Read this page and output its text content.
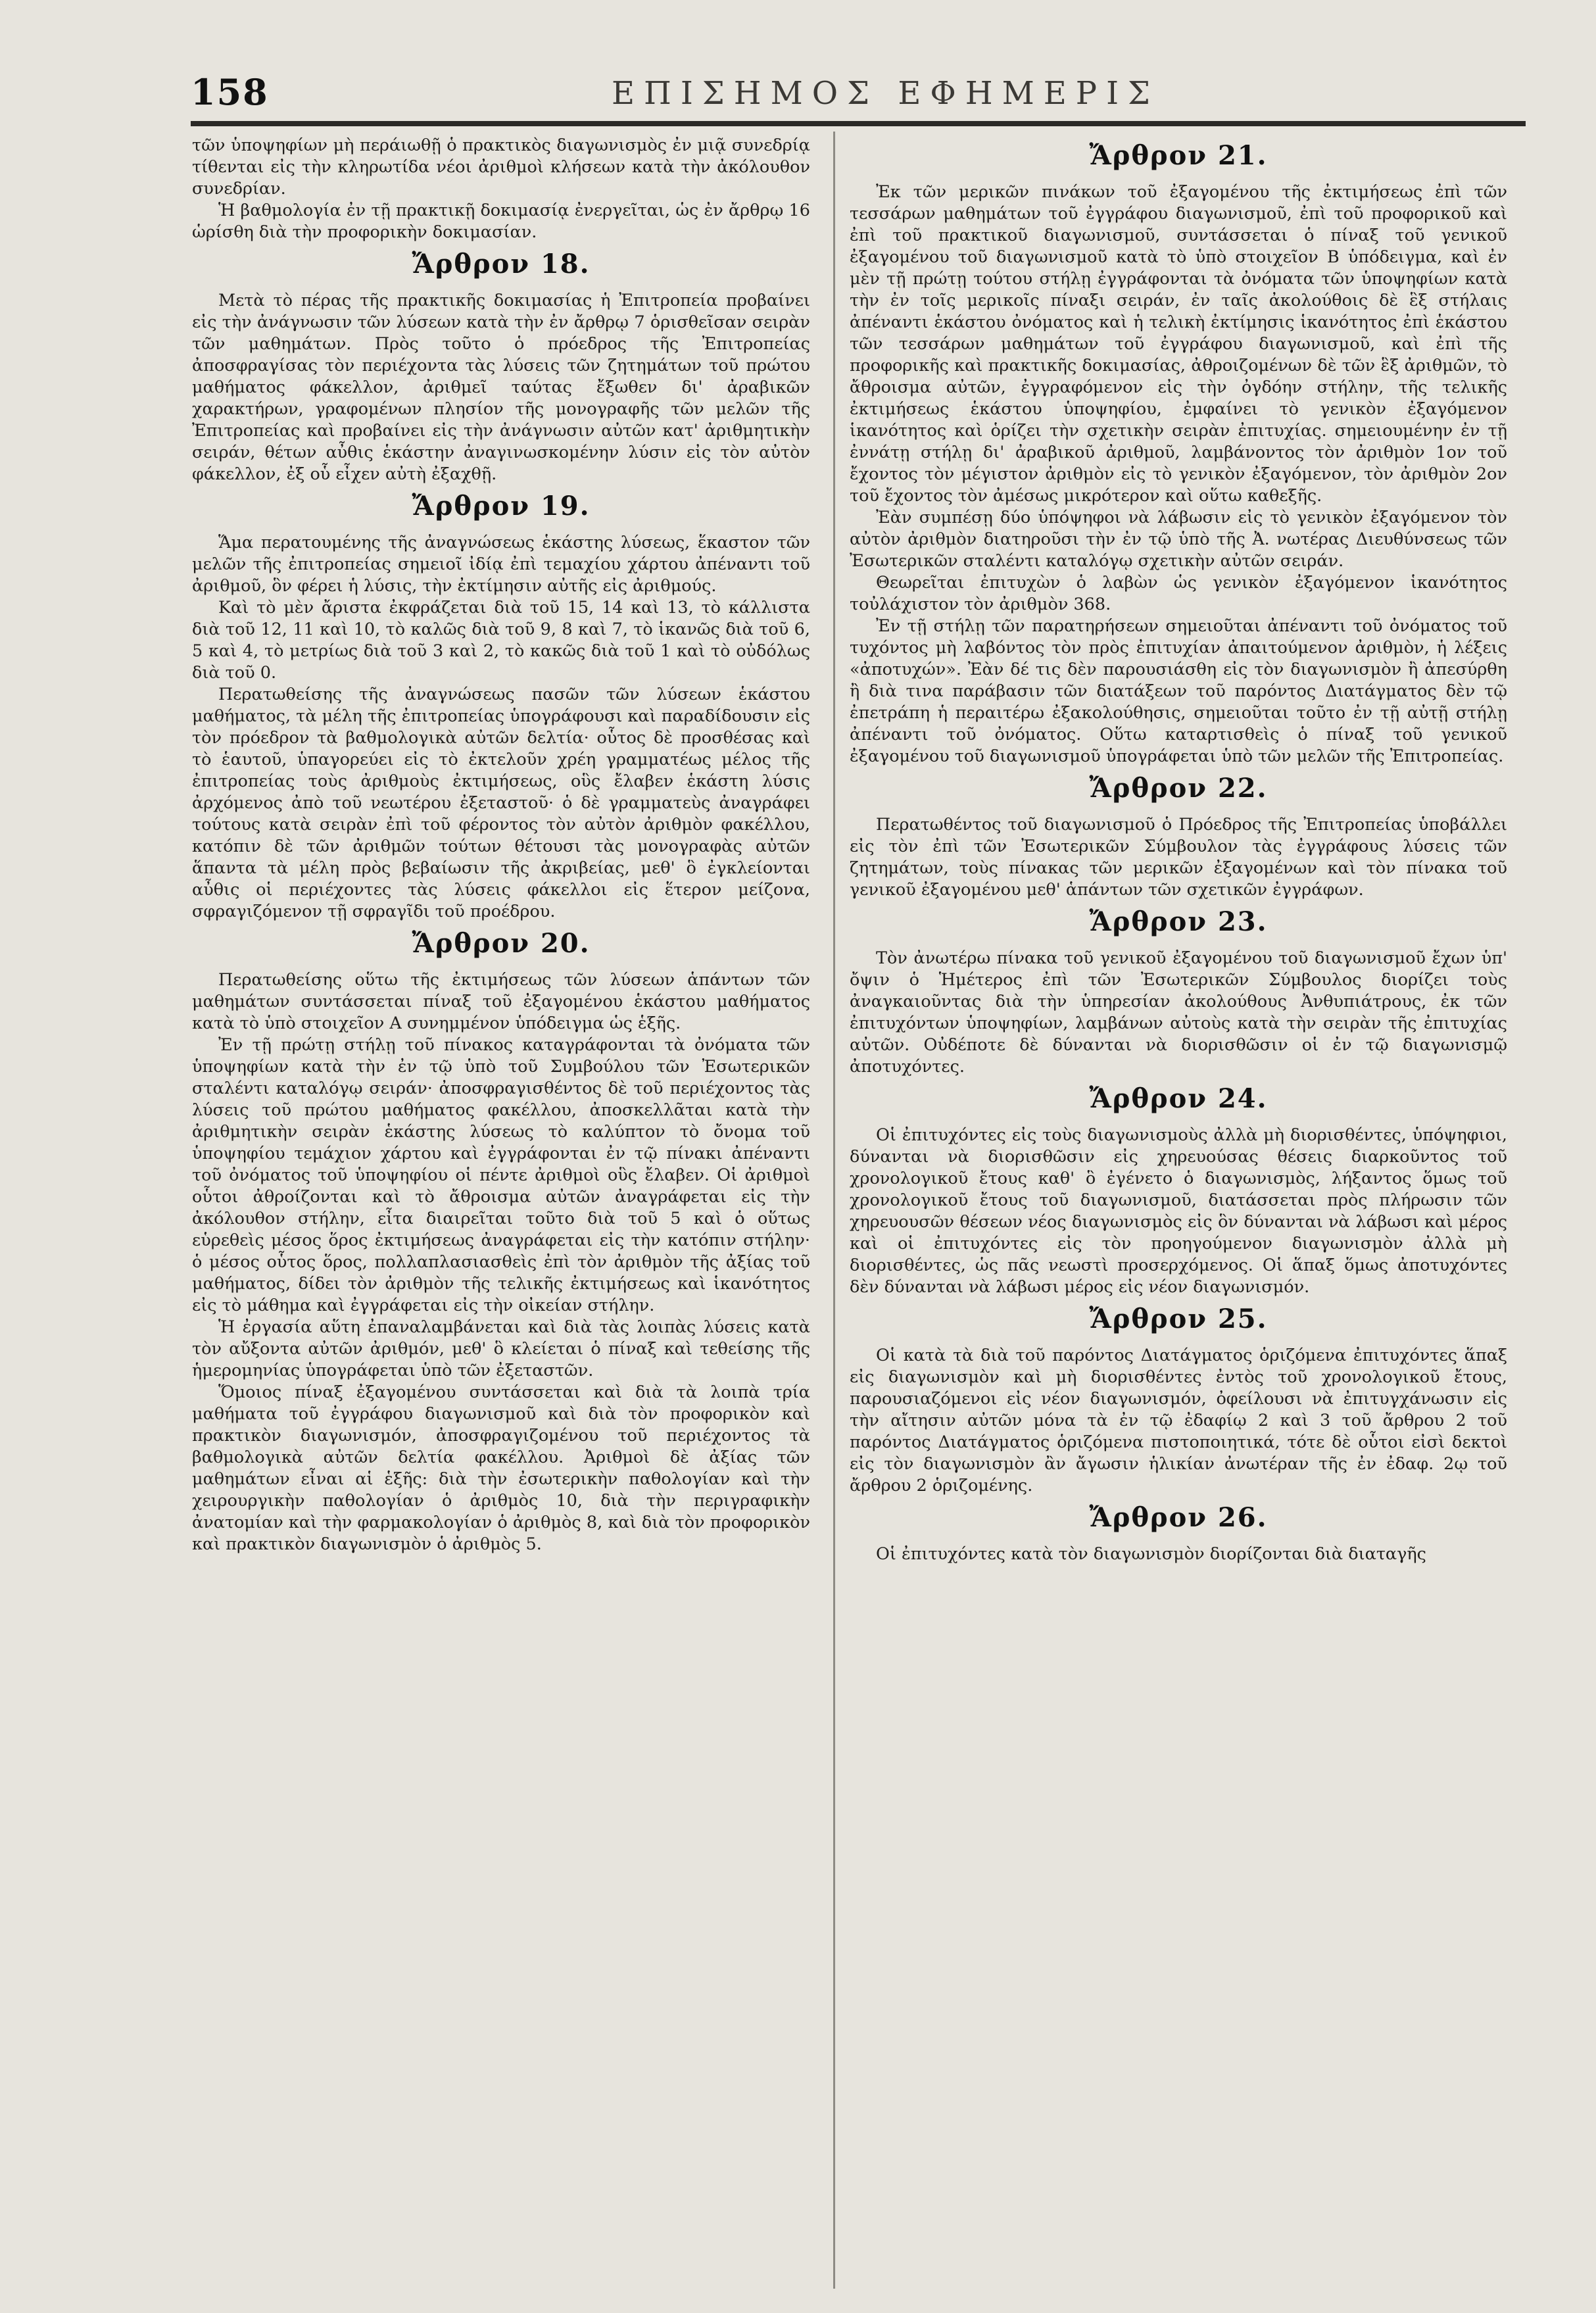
158	ΕΠΙΣΗΜΟΣ ΕΦΗΜΕΡΙΣ

τῶν ὑποψηφίων μὴ περάιωθῇ ὁ πρακτικὸς διαγωνισμὸς ἐν μιᾷ συνεδρίᾳ τίθενται εἰς τὴν κληρωτίδα νέοι ἀριθμοὶ κλήσεων κατὰ τὴν ἀκόλουθον συνεδρίαν.

Ἡ βαθμολογία ἐν τῇ πρακτικῇ δοκιμασίᾳ ἐνεργεῖται, ὡς ἐν ἄρθρῳ 16 ὡρίσθη διὰ τὴν προφορικὴν δοκιμασίαν.

Ἄρθρον 18.

Μετὰ τὸ πέρας τῆς πρακτικῆς δοκιμασίας ἡ Ἐπιτροπεία προβαίνει εἰς τὴν ἀνάγνωσιν τῶν λύσεων κατὰ τὴν ἐν ἄρθρῳ 7 ὁρισθεῖσαν σειρὰν τῶν μαθημάτων. Πρὸς τοῦτο ὁ πρόεδρος τῆς Ἐπιτροπείας ἀποσφραγίσας τὸν περιέχοντα τὰς λύσεις τῶν ζητημάτων τοῦ πρώτου μαθήματος φάκελλον, ἀριθμεῖ ταύτας ἔξωθεν δι' ἀραβικῶν χαρακτήρων, γραφομένων πλησίον τῆς μονογραφῆς τῶν μελῶν τῆς Ἐπιτροπείας καὶ προβαίνει εἰς τὴν ἀνάγνωσιν αὐτῶν κατ' ἀριθμητικὴν σειράν, θέτων αὖθις ἑκάστην ἀναγινωσκομένην λύσιν εἰς τὸν αὐτὸν φάκελλον, ἐξ οὗ εἶχεν αὐτὴ ἐξαχθῇ.

Ἄρθρον 19.

Ἅμα περατουμένης τῆς ἀναγνώσεως ἑκάστης λύσεως, ἕκαστον τῶν μελῶν τῆς ἐπιτροπείας σημειοῖ ἰδίᾳ ἐπὶ τεμαχίου χάρτου ἀπέναντι τοῦ ἀριθμοῦ, ὃν φέρει ἡ λύσις, τὴν ἐκτίμησιν αὐτῆς εἰς ἀριθμούς.

Καὶ τὸ μὲν ἄριστα ἐκφράζεται διὰ τοῦ 15, 14 καὶ 13, τὸ κάλλιστα διὰ τοῦ 12, 11 καὶ 10, τὸ καλῶς διὰ τοῦ 9, 8 καὶ 7, τὸ ἱκανῶς διὰ τοῦ 6, 5 καὶ 4, τὸ μετρίως διὰ τοῦ 3 καὶ 2, τὸ κακῶς διὰ τοῦ 1 καὶ τὸ οὐδόλως διὰ τοῦ 0.

Περατωθείσης τῆς ἀναγνώσεως πασῶν τῶν λύσεων ἑκάστου μαθήματος, τὰ μέλη τῆς ἐπιτροπείας ὑπογράφουσι καὶ παραδίδουσιν εἰς τὸν πρόεδρον τὰ βαθμολογικὰ αὐτῶν δελτία· οὗτος δὲ προσθέσας καὶ τὸ ἑαυτοῦ, ὑπαγορεύει εἰς τὸ ἐκτελοῦν χρέη γραμματέως μέλος τῆς ἐπιτροπείας τοὺς ἀριθμοὺς ἐκτιμήσεως, οὓς ἔλαβεν ἑκάστη λύσις ἀρχόμενος ἀπὸ τοῦ νεωτέρου ἐξεταστοῦ· ὁ δὲ γραμματεὺς ἀναγράφει τούτους κατὰ σειρὰν ἐπὶ τοῦ φέροντος τὸν αὐτὸν ἀριθμὸν φακέλλου, κατόπιν δὲ τῶν ἀριθμῶν τούτων θέτουσι τὰς μονογραφὰς αὐτῶν ἅπαντα τὰ μέλη πρὸς βεβαίωσιν τῆς ἀκριβείας, μεθ' ὃ ἐγκλείονται αὖθις οἱ περιέχοντες τὰς λύσεις φάκελλοι εἰς ἕτερον μείζονα, σφραγιζόμενον τῇ σφραγῖδι τοῦ προέδρου.

Ἄρθρον 20.

Περατωθείσης οὕτω τῆς ἐκτιμήσεως τῶν λύσεων ἁπάντων τῶν μαθημάτων συντάσσεται πίναξ τοῦ ἐξαγομένου ἑκάστου μαθήματος κατὰ τὸ ὑπὸ στοιχεῖον Α συνημμένον ὑπόδειγμα ὡς ἑξῆς.

Ἐν τῇ πρώτῃ στήλῃ τοῦ πίνακος καταγράφονται τὰ ὀνόματα τῶν ὑποψηφίων κατὰ τὴν ἐν τῷ ὑπὸ τοῦ Συμβούλου τῶν Ἐσωτερικῶν σταλέντι καταλόγῳ σειράν· ἀποσφραγισθέντος δὲ τοῦ περιέχοντος τὰς λύσεις τοῦ πρώτου μαθήματος φακέλλου, ἀποσκελλᾶται κατὰ τὴν ἀριθμητικὴν σειρὰν ἑκάστης λύσεως τὸ καλύπτον τὸ ὄνομα τοῦ ὑποψηφίου τεμάχιον χάρτου καὶ ἐγγράφονται ἐν τῷ πίνακι ἀπέναντι τοῦ ὀνόματος τοῦ ὑποψηφίου οἱ πέντε ἀριθμοὶ οὓς ἔλαβεν. Οἱ ἀριθμοὶ οὗτοι ἀθροίζονται καὶ τὸ ἄθροισμα αὐτῶν ἀναγράφεται εἰς τὴν ἀκόλουθον στήλην, εἶτα διαιρεῖται τοῦτο διὰ τοῦ 5 καὶ ὁ οὕτως εὑρεθεὶς μέσος ὅρος ἐκτιμήσεως ἀναγράφεται εἰς τὴν κατόπιν στήλην· ὁ μέσος οὗτος ὅρος, πολλαπλασιασθεὶς ἐπὶ τὸν ἀριθμὸν τῆς ἀξίας τοῦ μαθήματος, δίδει τὸν ἀριθμὸν τῆς τελικῆς ἐκτιμήσεως καὶ ἱκανότητος εἰς τὸ μάθημα καὶ ἐγγράφεται εἰς τὴν οἰκείαν στήλην.

Ἡ ἐργασία αὕτη ἐπαναλαμβάνεται καὶ διὰ τὰς λοιπὰς λύσεις κατὰ τὸν αὔξοντα αὐτῶν ἀριθμόν, μεθ' ὃ κλείεται ὁ πίναξ καὶ τεθείσης τῆς ἡμερομηνίας ὑπογράφεται ὑπὸ τῶν ἐξεταστῶν.

Ὅμοιος πίναξ ἐξαγομένου συντάσσεται καὶ διὰ τὰ λοιπὰ τρία μαθήματα τοῦ ἐγγράφου διαγωνισμοῦ καὶ διὰ τὸν προφορικὸν καὶ πρακτικὸν διαγωνισμόν, ἀποσφραγιζομένου τοῦ περιέχοντος τὰ βαθμολογικὰ αὐτῶν δελτία φακέλλου. Ἀριθμοὶ δὲ ἀξίας τῶν μαθημάτων εἶναι αἱ ἑξῆς: διὰ τὴν ἐσωτερικὴν παθολογίαν καὶ τὴν χειρουργικὴν παθολογίαν ὁ ἀριθμὸς 10, διὰ τὴν περιγραφικὴν ἀνατομίαν καὶ τὴν φαρμακολογίαν ὁ ἀριθμὸς 8, καὶ διὰ τὸν προφορικὸν καὶ πρακτικὸν διαγωνισμὸν ὁ ἀριθμὸς 5.

Ἄρθρον 21.

Ἐκ τῶν μερικῶν πινάκων τοῦ ἐξαγομένου τῆς ἐκτιμήσεως ἐπὶ τῶν τεσσάρων μαθημάτων τοῦ ἐγγράφου διαγωνισμοῦ, ἐπὶ τοῦ προφορικοῦ καὶ ἐπὶ τοῦ πρακτικοῦ διαγωνισμοῦ, συντάσσεται ὁ πίναξ τοῦ γενικοῦ ἐξαγομένου τοῦ διαγωνισμοῦ κατὰ τὸ ὑπὸ στοιχεῖον Β ὑπόδειγμα, καὶ ἐν μὲν τῇ πρώτῃ τούτου στήλῃ ἐγγράφονται τὰ ὀνόματα τῶν ὑποψηφίων κατὰ τὴν ἐν τοῖς μερικοῖς πίναξι σειράν, ἐν ταῖς ἀκολούθοις δὲ ἓξ στήλαις ἀπέναντι ἑκάστου ὀνόματος καὶ ἡ τελικὴ ἐκτίμησις ἱκανότητος ἐπὶ ἑκάστου τῶν τεσσάρων μαθημάτων τοῦ ἐγγράφου διαγωνισμοῦ, καὶ ἐπὶ τῆς προφορικῆς καὶ πρακτικῆς δοκιμασίας, ἀθροιζομένων δὲ τῶν ἓξ ἀριθμῶν, τὸ ἄθροισμα αὐτῶν, ἐγγραφόμενον εἰς τὴν ὀγδόην στήλην, τῆς τελικῆς ἐκτιμήσεως ἑκάστου ὑποψηφίου, ἐμφαίνει τὸ γενικὸν ἐξαγόμενον ἱκανότητος καὶ ὁρίζει τὴν σχετικὴν σειρὰν ἐπιτυχίας. σημειουμένην ἐν τῇ ἐννάτῃ στήλῃ δι' ἀραβικοῦ ἀριθμοῦ, λαμβάνοντος τὸν ἀριθμὸν 1ον τοῦ ἔχοντος τὸν μέγιστον ἀριθμὸν εἰς τὸ γενικὸν ἐξαγόμενον, τὸν ἀριθμὸν 2ον τοῦ ἔχοντος τὸν ἀμέσως μικρότερον καὶ οὕτω καθεξῆς.

Ἐὰν συμπέσῃ δύο ὑπόψηφοι νὰ λάβωσιν εἰς τὸ γενικὸν ἐξαγόμενον τὸν αὐτὸν ἀριθμὸν διατηροῦσι τὴν ἐν τῷ ὑπὸ τῆς Ἀ. νωτέρας Διευθύνσεως τῶν Ἐσωτερικῶν σταλέντι καταλόγῳ σχετικὴν αὐτῶν σειράν.

Θεωρεῖται ἐπιτυχὼν ὁ λαβὼν ὡς γενικὸν ἐξαγόμενον ἱκανότητος τοὐλάχιστον τὸν ἀριθμὸν 368.

Ἐν τῇ στήλῃ τῶν παρατηρήσεων σημειοῦται ἀπέναντι τοῦ ὀνόματος τοῦ τυχόντος μὴ λαβόντος τὸν πρὸς ἐπιτυχίαν ἀπαιτούμενον ἀριθμὸν, ἡ λέξεις «ἀποτυχών». Ἐὰν δέ τις δὲν παρουσιάσθη εἰς τὸν διαγωνισμὸν ἢ ἀπεσύρθη ἢ διὰ τινα παράβασιν τῶν διατάξεων τοῦ παρόντος Διατάγματος δὲν τῷ ἐπετράπη ἡ περαιτέρω ἐξακολούθησις, σημειοῦται τοῦτο ἐν τῇ αὐτῇ στήλῃ ἀπέναντι τοῦ ὀνόματος. Οὕτω καταρτισθεὶς ὁ πίναξ τοῦ γενικοῦ ἐξαγομένου τοῦ διαγωνισμοῦ ὑπογράφεται ὑπὸ τῶν μελῶν τῆς Ἐπιτροπείας.

Ἄρθρον 22.

Περατωθέντος τοῦ διαγωνισμοῦ ὁ Πρόεδρος τῆς Ἐπιτροπείας ὑποβάλλει εἰς τὸν ἐπὶ τῶν Ἐσωτερικῶν Σύμβουλον τὰς ἐγγράφους λύσεις τῶν ζητημάτων, τοὺς πίνακας τῶν μερικῶν ἐξαγομένων καὶ τὸν πίνακα τοῦ γενικοῦ ἐξαγομένου μεθ' ἁπάντων τῶν σχετικῶν ἐγγράφων.

Ἄρθρον 23.

Τὸν ἀνωτέρω πίνακα τοῦ γενικοῦ ἐξαγομένου τοῦ διαγωνισμοῦ ἔχων ὑπ' ὄψιν ὁ Ἡμέτερος ἐπὶ τῶν Ἐσωτερικῶν Σύμβουλος διορίζει τοὺς ἀναγκαιοῦντας διὰ τὴν ὑπηρεσίαν ἀκολούθους Ἀνθυπιάτρους, ἐκ τῶν ἐπιτυχόντων ὑποψηφίων, λαμβάνων αὐτοὺς κατὰ τὴν σειρὰν τῆς ἐπιτυχίας αὐτῶν. Οὐδέποτε δὲ δύνανται νὰ διορισθῶσιν οἱ ἐν τῷ διαγωνισμῷ ἀποτυχόντες.

Ἄρθρον 24.

Οἱ ἐπιτυχόντες εἰς τοὺς διαγωνισμοὺς ἀλλὰ μὴ διορισθέντες, ὑπόψηφιοι, δύνανται νὰ διορισθῶσιν εἰς χηρευούσας θέσεις διαρκοῦντος τοῦ χρονολογικοῦ ἔτους καθ' ὃ ἐγένετο ὁ διαγωνισμὸς, λήξαντος ὅμως τοῦ χρονολογικοῦ ἔτους τοῦ διαγωνισμοῦ, διατάσσεται πρὸς πλήρωσιν τῶν χηρευουσῶν θέσεων νέος διαγωνισμὸς εἰς ὃν δύνανται νὰ λάβωσι καὶ μέρος καὶ οἱ ἐπιτυχόντες εἰς τὸν προηγούμενον διαγωνισμὸν ἀλλὰ μὴ διορισθέντες, ὡς πᾶς νεωστὶ προσερχόμενος. Οἱ ἅπαξ ὅμως ἀποτυχόντες δὲν δύνανται νὰ λάβωσι μέρος εἰς νέον διαγωνισμόν.

Ἄρθρον 25.

Οἱ κατὰ τὰ διὰ τοῦ παρόντος Διατάγματος ὁριζόμενα ἐπιτυχόντες ἅπαξ εἰς διαγωνισμὸν καὶ μὴ διορισθέντες ἐντὸς τοῦ χρονολογικοῦ ἔτους, παρουσιαζόμενοι εἰς νέον διαγωνισμόν, ὀφείλουσι νὰ ἐπιτυγχάνωσιν εἰς τὴν αἴτησιν αὐτῶν μόνα τὰ ἐν τῷ ἐδαφίῳ 2 καὶ 3 τοῦ ἄρθρου 2 τοῦ παρόντος Διατάγματος ὁριζόμενα πιστοποιητικά, τότε δὲ οὗτοι εἰσὶ δεκτοὶ εἰς τὸν διαγωνισμὸν ἂν ἄγωσιν ἡλικίαν ἀνωτέραν τῆς ἐν ἐδαφ. 2ῳ τοῦ ἄρθρου 2 ὁριζομένης.

Ἄρθρον 26.

Οἱ ἐπιτυχόντες κατὰ τὸν διαγωνισμὸν διορίζονται διὰ διαταγῆς
